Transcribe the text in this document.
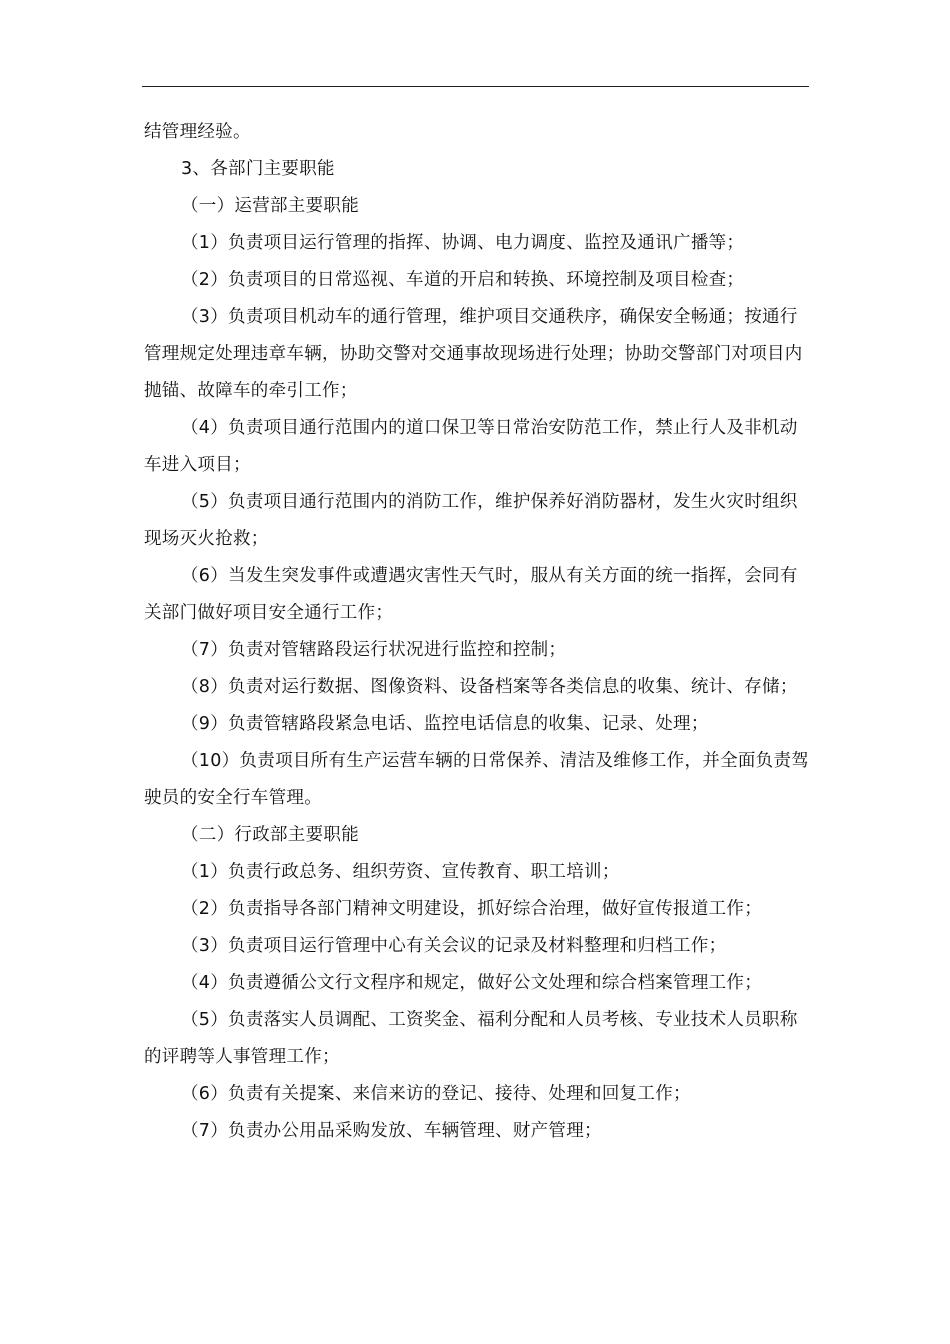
结管理经验。

3、各部门主要职能

（一）运营部主要职能

（1）负责项目运行管理的指挥、协调、电力调度、监控及通讯广播等；

（2）负责项目的日常巡视、车道的开启和转换、环境控制及项目检查；

（3）负责项目机动车的通行管理，维护项目交通秩序，确保安全畅通；按通行管理规定处理违章车辆，协助交警对交通事故现场进行处理；协助交警部门对项目内抛锚、故障车的牵引工作；

（4）负责项目通行范围内的道口保卫等日常治安防范工作，禁止行人及非机动车进入项目；

（5）负责项目通行范围内的消防工作，维护保养好消防器材，发生火灾时组织现场灭火抢救；

（6）当发生突发事件或遭遇灾害性天气时，服从有关方面的统一指挥，会同有关部门做好项目安全通行工作；

（7）负责对管辖路段运行状况进行监控和控制；

（8）负责对运行数据、图像资料、设备档案等各类信息的收集、统计、存储；

（9）负责管辖路段紧急电话、监控电话信息的收集、记录、处理；

（10）负责项目所有生产运营车辆的日常保养、清洁及维修工作，并全面负责驾驶员的安全行车管理。

（二）行政部主要职能

（1）负责行政总务、组织劳资、宣传教育、职工培训；

（2）负责指导各部门精神文明建设，抓好综合治理，做好宣传报道工作；

（3）负责项目运行管理中心有关会议的记录及材料整理和归档工作；

（4）负责遵循公文行文程序和规定，做好公文处理和综合档案管理工作；

（5）负责落实人员调配、工资奖金、福利分配和人员考核、专业技术人员职称的评聘等人事管理工作；

（6）负责有关提案、来信来访的登记、接待、处理和回复工作；

（7）负责办公用品采购发放、车辆管理、财产管理；
